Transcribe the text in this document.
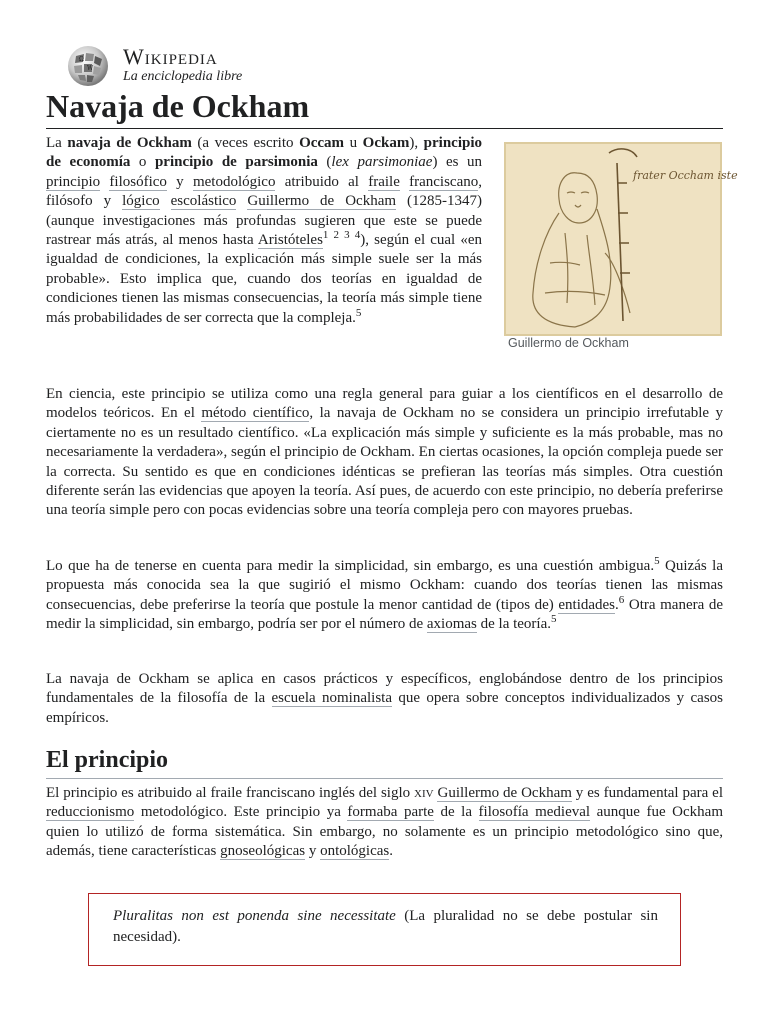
Ω
W Wikipedia
La enciclopedia libre
Navaja de Ockham

La navaja de Ockham (a veces escrito Occam u Ockam), principio de economía o principio de parsimonia (lex parsimoniae) es un principio filosófico y metodológico atribuido al fraile franciscano, filósofo y lógico escolástico Guillermo de Ockham (1285-1347) (aunque investigaciones más profundas sugieren que este se puede rastrear más atrás, al menos hasta Aristóteles$^1$ $^2$ $^3$ $^4$), según el cual «en igualdad de condiciones, la explicación más simple suele ser la más probable». Esto implica que, cuando dos teorías en igualdad de condiciones tienen las mismas consecuencias, la teoría más simple tiene más probabilidades de ser correcta que la compleja.$^5$

frater Occham iste
Guillermo de Ockham

En ciencia, este principio se utiliza como una regla general para guiar a los científicos en el desarrollo de modelos teóricos. En el método científico, la navaja de Ockham no se considera un principio irrefutable y ciertamente no es un resultado científico. «La explicación más simple y suficiente es la más probable, mas no necesariamente la verdadera», según el principio de Ockham. En ciertas ocasiones, la opción compleja puede ser la correcta. Su sentido es que en condiciones idénticas se prefieran las teorías más simples. Otra cuestión diferente serán las evidencias que apoyen la teoría. Así pues, de acuerdo con este principio, no debería preferirse una teoría simple pero con pocas evidencias sobre una teoría compleja pero con mayores pruebas.

Lo que ha de tenerse en cuenta para medir la simplicidad, sin embargo, es una cuestión ambigua.$^5$ Quizás la propuesta más conocida sea la que sugirió el mismo Ockham: cuando dos teorías tienen las mismas consecuencias, debe preferirse la teoría que postule la menor cantidad de (tipos de) entidades.$^6$ Otra manera de medir la simplicidad, sin embargo, podría ser por el número de axiomas de la teoría.$^5$

La navaja de Ockham se aplica en casos prácticos y específicos, englobándose dentro de los principios fundamentales de la filosofía de la escuela nominalista que opera sobre conceptos individualizados y casos empíricos.

El principio

El principio es atribuido al fraile franciscano inglés del siglo xiv Guillermo de Ockham y es fundamental para el reduccionismo metodológico. Este principio ya formaba parte de la filosofía medieval aunque fue Ockham quien lo utilizó de forma sistemática. Sin embargo, no solamente es un principio metodológico sino que, además, tiene características gnoseológicas y ontológicas.

Pluralitas non est ponenda sine necessitate (La pluralidad no se debe postular sin necesidad).
